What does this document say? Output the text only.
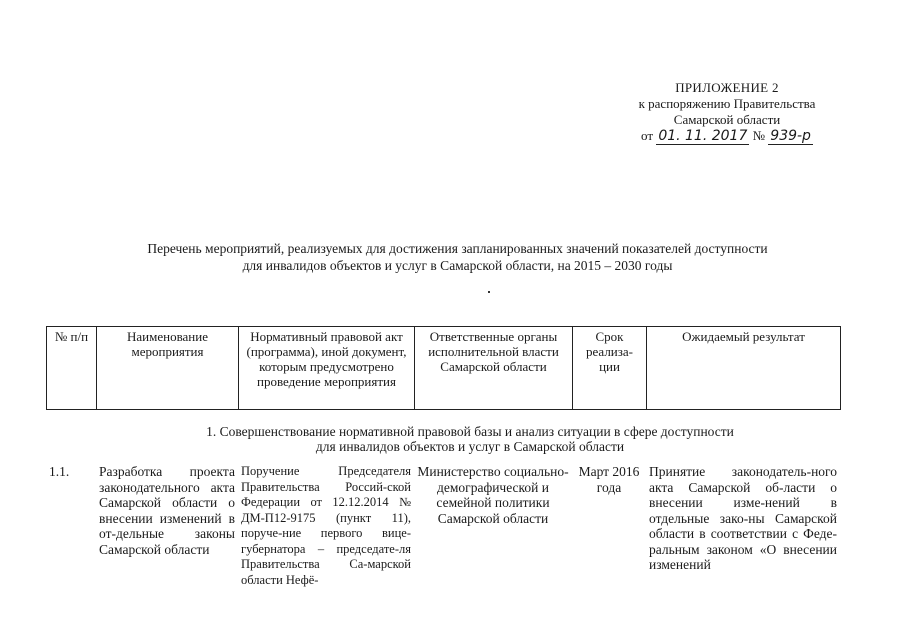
ПРИЛОЖЕНИЕ 2
к распоряжению Правительства
Самарской области
от 01. 11. 2017 № 939-р
Перечень мероприятий, реализуемых для достижения запланированных значений показателей доступности
для инвалидов объектов и услуг в Самарской области, на 2015 – 2030 годы
№ п/п	Наименование мероприятия	Нормативный правовой акт (программа), иной документ, которым предусмотрено проведение мероприятия	Ответственные органы исполнительной власти Самарской области	Срок реализа-ции	Ожидаемый результат
1. Совершенствование нормативной правовой базы и анализ ситуации в сфере доступности
для инвалидов объектов и услуг в Самарской области
1.1.	Разработка проекта законодательного акта Самарской области о внесении изменений в от-дельные законы Самарской области	Поручение Председателя Правительства Россий-ской Федерации от 12.12.2014 № ДМ-П12-9175 (пункт 11), поруче-ние первого вице-губернатора – председате-ля Правительства Са-марской области Нефё-	Министерство социально-демографической и семейной политики Самарской области	Март 2016 года	Принятие законодатель-ного акта Самарской об-ласти о внесении изме-нений в отдельные зако-ны Самарской области в соответствии с Феде-ральным законом «О внесении изменений
